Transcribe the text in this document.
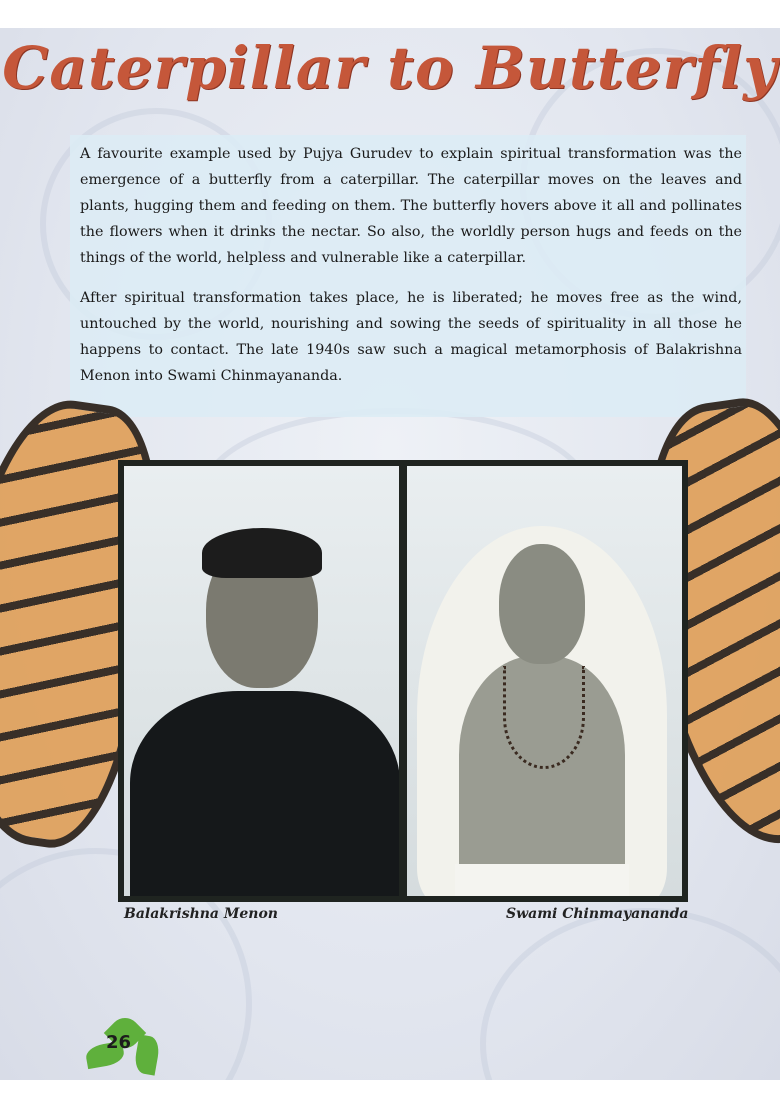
Caterpillar to Butterfly

A favourite example used by Pujya Gurudev to explain spiritual transformation was the emergence of a butterfly from a caterpillar. The caterpillar moves on the leaves and plants, hugging them and feeding on them. The butterfly hovers above it all and pollinates the flowers when it drinks the nectar. So also, the worldly person hugs and feeds on the things of the world, helpless and vulnerable like a caterpillar.

After spiritual transformation takes place, he is liberated; he moves free as the wind, untouched by the world, nourishing and sowing the seeds of spirituality in all those he happens to contact. The late 1940s saw such a magical metamorphosis of Balakrishna Menon into Swami Chinmayananda.

Balakrishna Menon	Swami Chinmayananda
26
